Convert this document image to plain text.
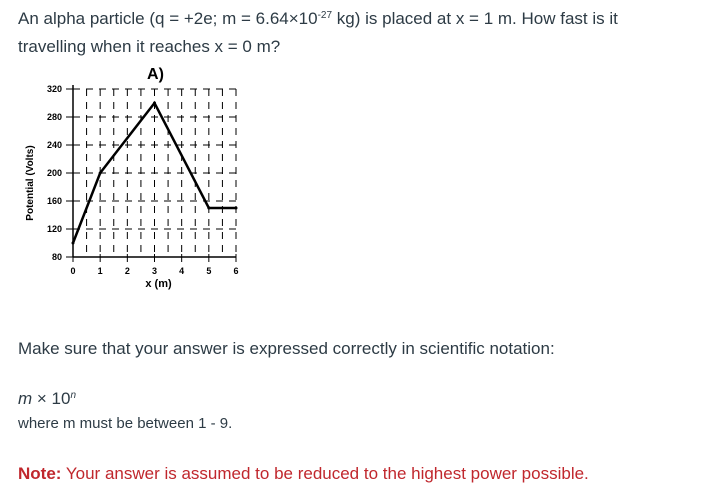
An alpha particle (q = +2e; $m = 6.64\times 10^{-27}$ kg) is placed at x = 1 m. How fast is it
travelling when it reaches x = 0 m?
80
120
160
200
240
280
320
0 1 2 3 4 5 6
x (m)
Potential (Volts)
A)
Make sure that your answer is expressed correctly in scientific notation:
$m \times 10^n$
where m must be between 1 - 9.
Note: Your answer is assumed to be reduced to the highest power possible.
